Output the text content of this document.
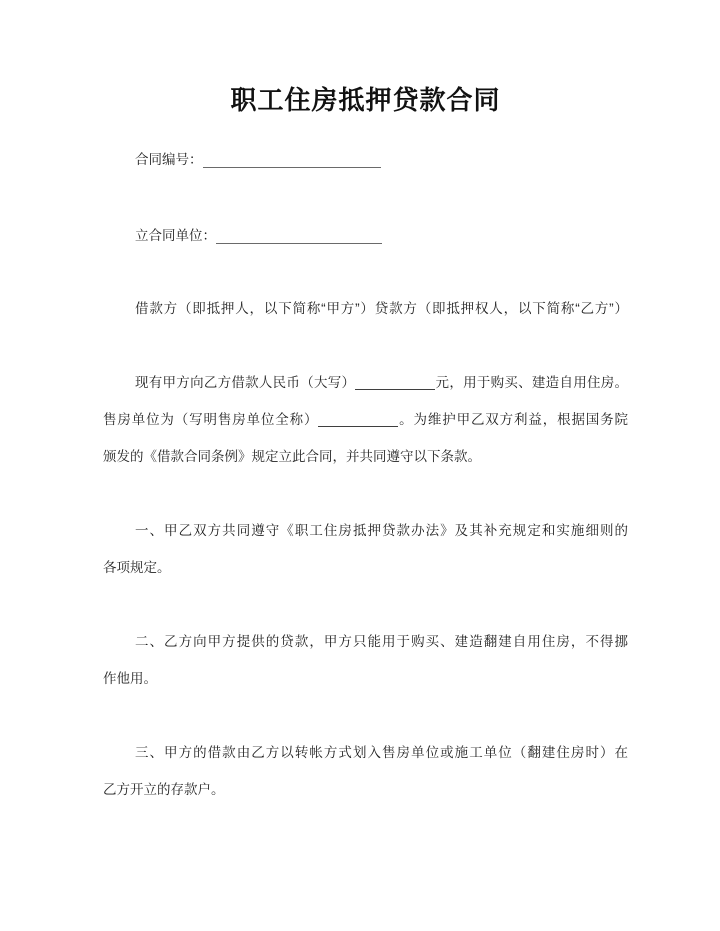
职工住房抵押贷款合同
合同编号：
立合同单位：
借款方（即抵押人，以下简称“甲方”）贷款方（即抵押权人，以下简称“乙方”）
现有甲方向乙方借款人民币（大写）	元，用于购买、建造自用住房。
售房单位为（写明售房单位全称）	。为维护甲乙双方利益，根据国务院
颁发的《借款合同条例》规定立此合同，并共同遵守以下条款。
一、甲乙双方共同遵守《职工住房抵押贷款办法》及其补充规定和实施细则的
各项规定。
二、乙方向甲方提供的贷款，甲方只能用于购买、建造翻建自用住房，不得挪
作他用。
三、甲方的借款由乙方以转帐方式划入售房单位或施工单位（翻建住房时）在
乙方开立的存款户。
